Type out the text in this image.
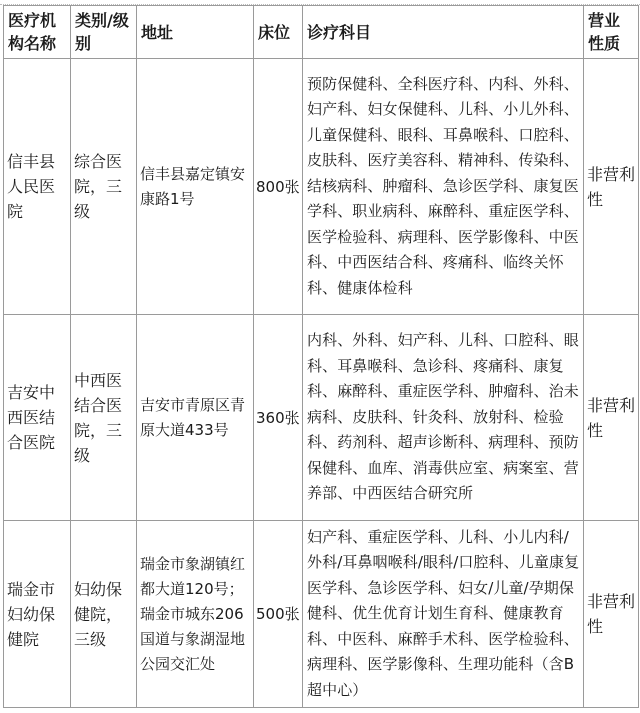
医疗机构名称	类别/级别	地址	床位	诊疗科目	营业性质
信丰县人民医院	综合医院，三级	信丰县嘉定镇安康路1号	800张	预防保健科、全科医疗科、内科、外科、妇产科、妇女保健科、儿科、小儿外科、儿童保健科、眼科、耳鼻喉科、口腔科、皮肤科、医疗美容科、精神科、传染科、结核病科、肿瘤科、急诊医学科、康复医学科、职业病科、麻醉科、重症医学科、医学检验科、病理科、医学影像科、中医科、中西医结合科、疼痛科、临终关怀科、健康体检科	非营利性
吉安中西医结合医院	中西医结合医院，三级	吉安市青原区青原大道433号	360张	内科、外科、妇产科、儿科、口腔科、眼科、耳鼻喉科、急诊科、疼痛科、康复科、麻醉科、重症医学科、肿瘤科、治未病科、皮肤科、针灸科、放射科、检验科、药剂科、超声诊断科、病理科、预防保健科、血库、消毒供应室、病案室、营养部、中西医结合研究所	非营利性
瑞金市妇幼保健院	妇幼保健院，三级	瑞金市象湖镇红都大道120号；瑞金市城东206国道与象湖湿地公园交汇处	500张	妇产科、重症医学科、儿科、小儿内科/外科/耳鼻咽喉科/眼科/口腔科、儿童康复医学科、急诊医学科、妇女/儿童/孕期保健科、优生优育计划生育科、健康教育科、中医科、麻醉手术科、医学检验科、病理科、医学影像科、生理功能科（含B超中心）	非营利性
